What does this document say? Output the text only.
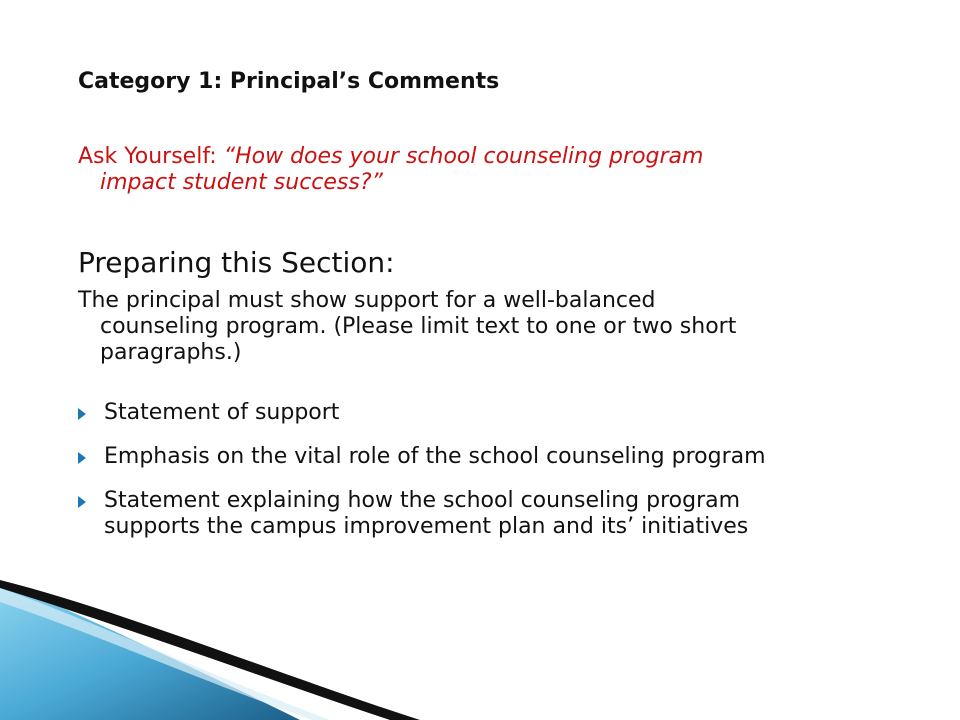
Category 1: Principal’s Comments
Ask Yourself: “How does your school counseling program
impact student success?”
Preparing this Section:
The principal must show support for a well-balanced
counseling program. (Please limit text to one or two short
paragraphs.)
Statement of support
Emphasis on the vital role of the school counseling program
Statement explaining how the school counseling program
supports the campus improvement plan and its’ initiatives
